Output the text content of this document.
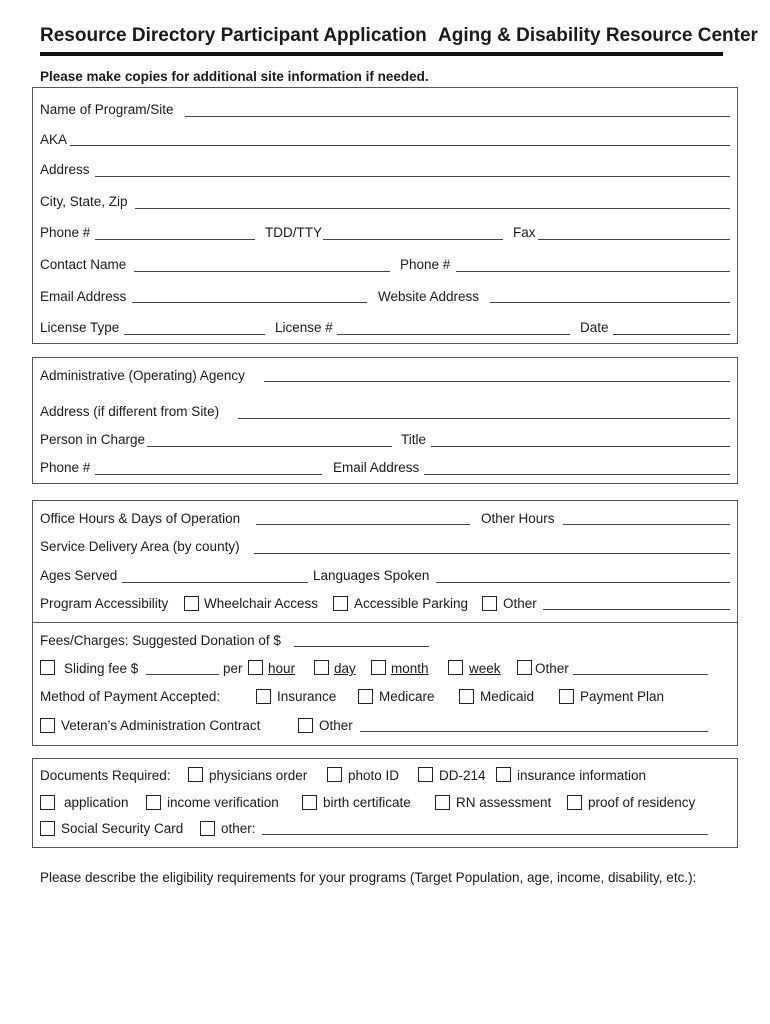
Resource Directory Participant Application Aging & Disability Resource Center
Please make copies for additional site information if needed.
Name of Program/Site
AKA
Address
City, State, Zip
Phone #	TDD/TTY	Fax
Contact Name	Phone #
Email Address	Website Address
License Type	License #	Date
Administrative (Operating) Agency
Address (if different from Site)
Person in Charge	Title
Phone #	Email Address
Office Hours & Days of Operation	Other Hours
Service Delivery Area (by county)
Ages Served	Languages Spoken
Program Accessibility	Wheelchair Access	Accessible Parking	Other
Fees/Charges: Suggested Donation of $
Sliding fee $	per hour	day	month	week	Other
Method of Payment Accepted:	Insurance	Medicare	Medicaid	Payment Plan
Veteran’s Administration Contract	Other
Documents Required:	physicians order	photo ID	DD-214 insurance information
application	income verification	birth certificate	RN assessment	proof of residency
Social Security Card	other:
Please describe the eligibility requirements for your programs (Target Population, age, income, disability, etc.):
